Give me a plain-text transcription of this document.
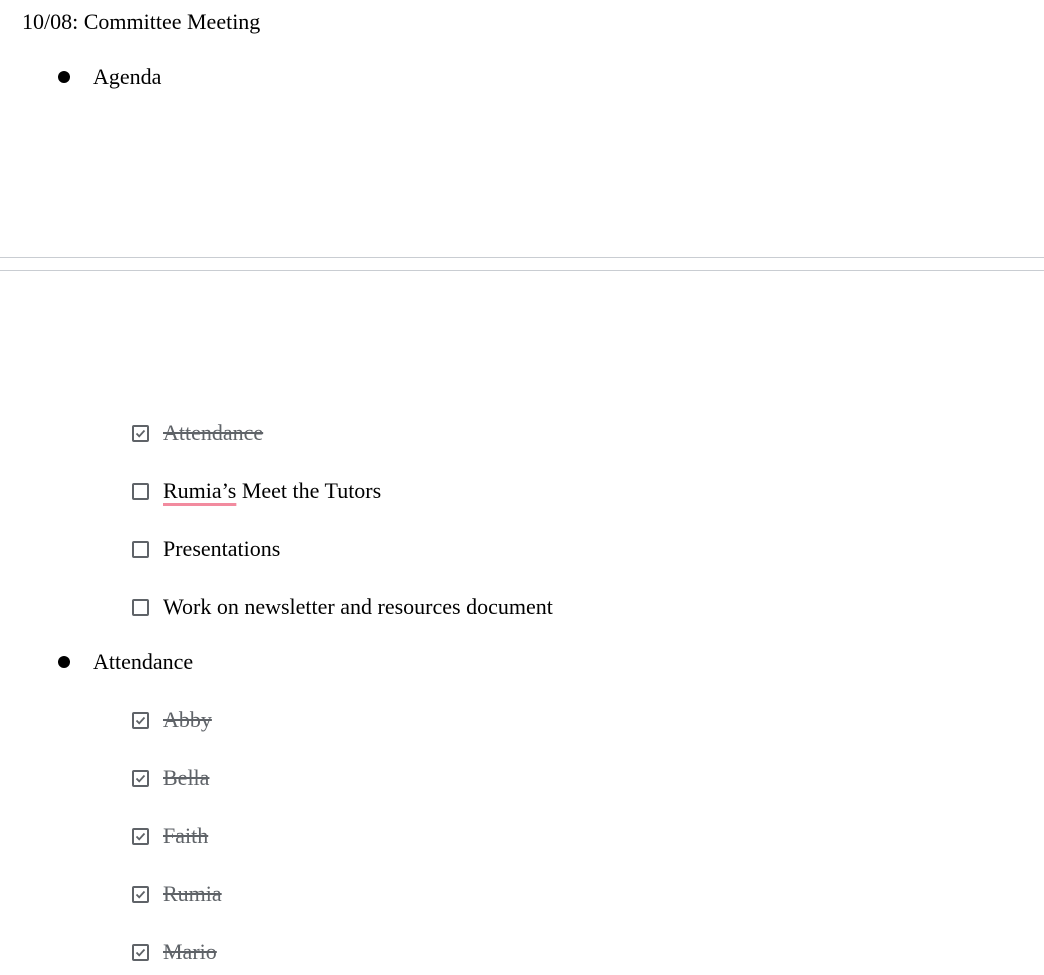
10/08: Committee Meeting
Agenda
Attendance
Rumia’s Meet the Tutors
Presentations
Work on newsletter and resources document
Attendance
Abby
Bella
Faith
Rumia
Mario
